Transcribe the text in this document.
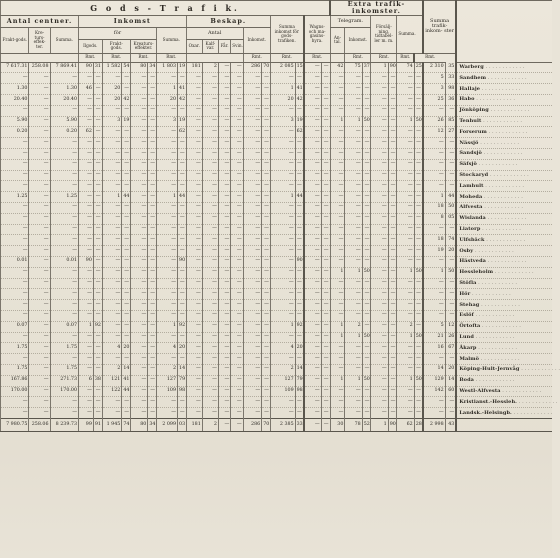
G o d s - T r a f i k.																					Extra trafik-inkomster.							Summa trafik- inkom- ster		
Antal centner.			Inkomst								Beskap.						Summa inkomst för gods- trafiken.		Wagns- och ma- gasins- hyra.		Telegram.			Försälj- ning, tidtabel- ler m. m.		Summa.				
Frakt-gods.	Kre- turs- effek- ter.	Summa.	för						Summa.		Antal				Inkomst.						An- tal.	Inkomst.								
			Ilgods.		Frakt- gods.		Kreaturs- effekter.				Oxar.	Kalf- var.	Får.	Svin.																
			Rmt.		Rmt.		Rmt.		Rmt.						Rmt.		Rmt.		Rmt.			Rmt.		Rmt.		Rmt.	Rmt.			
7 617.31	258.08	7 869.41	90	31	1 582	54	80	34	1 803	19	181	2	—	—	286	70	2 085	15	—	—	42	75	37	1	90	74	25	2 310	35	Warberg . . . . . . . . . . . .
—	—	—	—	—	—	—	—	—	—	—	—	—	—	—	—	—	—	—	—	—	—	—	—	—	—	—	—	5	33	Sandhem . . . . . . . . . . . .
1.30	—	1.30	46	—	20	—	—	—	1	41	—	—	—	—	—	—	1	41	—	—	—	—	—	—	—	—	—	3	98	Hallaje . . . . . . . . . . . .
20.40	—	20.40	—	—	20	42	—	—	20	42	—	—	—	—	—	—	20	42	—	—	—	—	—	—	—	—	—	25	36	Habo . . . . . . . . . . . .
—	—	—	—	—	—	—	—	—	—	—	—	—	—	—	—	—	—	—	—	—	—	—	—	—	—	—	—	—	—	Jönköping . . . . . . . . . . . .
5.90	—	5.90	—	—	3	19	—	—	3	19	—	—	—	—	—	—	3	19	—	—	1	1	50	—	—	1	50	26	85	Tenhult . . . . . . . . . . . .
0.20	—	0.20	62	—	—	—	—	—	—	62	—	—	—	—	—	—	—	62	—	—	—	—	—	—	—	—	—	12	27	Forserum . . . . . . . . . . . .
—	—	—	—	—	—	—	—	—	—	—	—	—	—	—	—	—	—	—	—	—	—	—	—	—	—	—	—	—	—	Nässjö . . . . . . . . . . . .
—	—	—	—	—	—	—	—	—	—	—	—	—	—	—	—	—	—	—	—	—	—	—	—	—	—	—	—	—	—	Sandsjö . . . . . . . . . . . .
—	—	—	—	—	—	—	—	—	—	—	—	—	—	—	—	—	—	—	—	—	—	—	—	—	—	—	—	—	—	Säfsjö . . . . . . . . . . . .
—	—	—	—	—	—	—	—	—	—	—	—	—	—	—	—	—	—	—	—	—	—	—	—	—	—	—	—	—	—	Stockaryd . . . . . . . . . . . .
—	—	—	—	—	—	—	—	—	—	—	—	—	—	—	—	—	—	—	—	—	—	—	—	—	—	—	—	—	—	Lamhult . . . . . . . . . . . .
1.25	—	1.25	—	—	1	44	—	—	1	44	—	—	—	—	—	—	1	44	—	—	—	—	—	—	—	—	—	1	44	Moheda . . . . . . . . . . . .
—	—	—	—	—	—	—	—	—	—	—	—	—	—	—	—	—	—	—	—	—	—	—	—	—	—	—	—	18	50	Alfvesta . . . . . . . . . . . .
—	—	—	—	—	—	—	—	—	—	—	—	—	—	—	—	—	—	—	—	—	—	—	—	—	—	—	—	8	05	Wislanda . . . . . . . . . . . .
—	—	—	—	—	—	—	—	—	—	—	—	—	—	—	—	—	—	—	—	—	—	—	—	—	—	—	—	—	—	Liatorp . . . . . . . . . . . .
—	—	—	—	—	—	—	—	—	—	—	—	—	—	—	—	—	—	—	—	—	—	—	—	—	—	—	—	18	74	Ulfsbäck . . . . . . . . . . . .
—	—	—	—	—	—	—	—	—	—	—	—	—	—	—	—	—	—	—	—	—	—	—	—	—	—	—	—	19	20	Osby . . . . . . . . . . . .
0.01	—	0.01	90	—	—	—	—	—	—	90	—	—	—	—	—	—	—	90	—	—	—	—	—	—	—	—	—	—	—	Hästveda . . . . . . . . . . . .
—	—	—	—	—	—	—	—	—	—	—	—	—	—	—	—	—	—	—	—	—	1	1	50	—	—	1	50	1	50	Hessleholm . . . . . . . . . . . .
—	—	—	—	—	—	—	—	—	—	—	—	—	—	—	—	—	—	—	—	—	—	—	—	—	—	—	—	—	—	Stöfla . . . . . . . . . . . .
—	—	—	—	—	—	—	—	—	—	—	—	—	—	—	—	—	—	—	—	—	—	—	—	—	—	—	—	—	—	Hör . . . . . . . . . . . .
—	—	—	—	—	—	—	—	—	—	—	—	—	—	—	—	—	—	—	—	—	—	—	—	—	—	—	—	—	—	Stehag . . . . . . . . . . . .
—	—	—	—	—	—	—	—	—	—	—	—	—	—	—	—	—	—	—	—	—	—	—	—	—	—	—	—	—	—	Eslöf . . . . . . . . . . . .
0.07	—	0.07	1	92	—	—	—	—	1	92	—	—	—	—	—	—	1	92	—	—	1	2	—	—	—	2	—	5	12	Örtofta . . . . . . . . . . . .
—	—	—	—	—	—	—	—	—	—	—	—	—	—	—	—	—	—	—	—	—	1	1	50	—	—	1	50	21	26	Lund . . . . . . . . . . . .
1.75	—	1.75	—	—	4	20	—	—	4	20	—	—	—	—	—	—	4	20	—	—	—	—	—	—	—	—	—	16	67	Åkarp . . . . . . . . . . . .
—	—	—	—	—	—	—	—	—	—	—	—	—	—	—	—	—	—	—	—	—	—	—	—	—	—	—	—	—	—	Malmö . . . . . . . . . . . .
1.75	—	1.75	—	—	2	14	—	—	2	14	—	—	—	—	—	—	2	14	—	—	—	—	—	—	—	—	—	14	20	Köping-Hult-Jernvåg . . . . . . . . . . . .
167.86	—	271.73	6	38	121	41	—	—	127	79	—	—	—	—	—	—	127	79	—	—	1	1	50	—	—	1	50	129	14	Boda . . . . . . . . . . . .
170.00	—	170.00	—	—	122	44	—	—	109	98	—	—	—	—	—	—	109	98	—	—	—	—	—	—	—	—	—	142	60	Westl-Alfvesta . . . . . . . . . . . .
—	—	—	—	—	—	—	—	—	—	—	—	—	—	—	—	—	—	—	—	—	—	—	—	—	—	—	—	—	—	Kristianst.-Hessleh. . . . . . . . . . . . .
—	—	—	—	—	—	—	—	—	—	—	—	—	—	—	—	—	—	—	—	—	—	—	—	—	—	—	—	—	—	Landsk.-Helsingb. . . . . . . . . . . . .
7 980.75	258.06	8 239.73	99	91	1 945	74	80	34	2 099	03	181	2	—	—	286	70	2 385	33	—	—	30	78	52	1	90	62	28	2 998	43	
